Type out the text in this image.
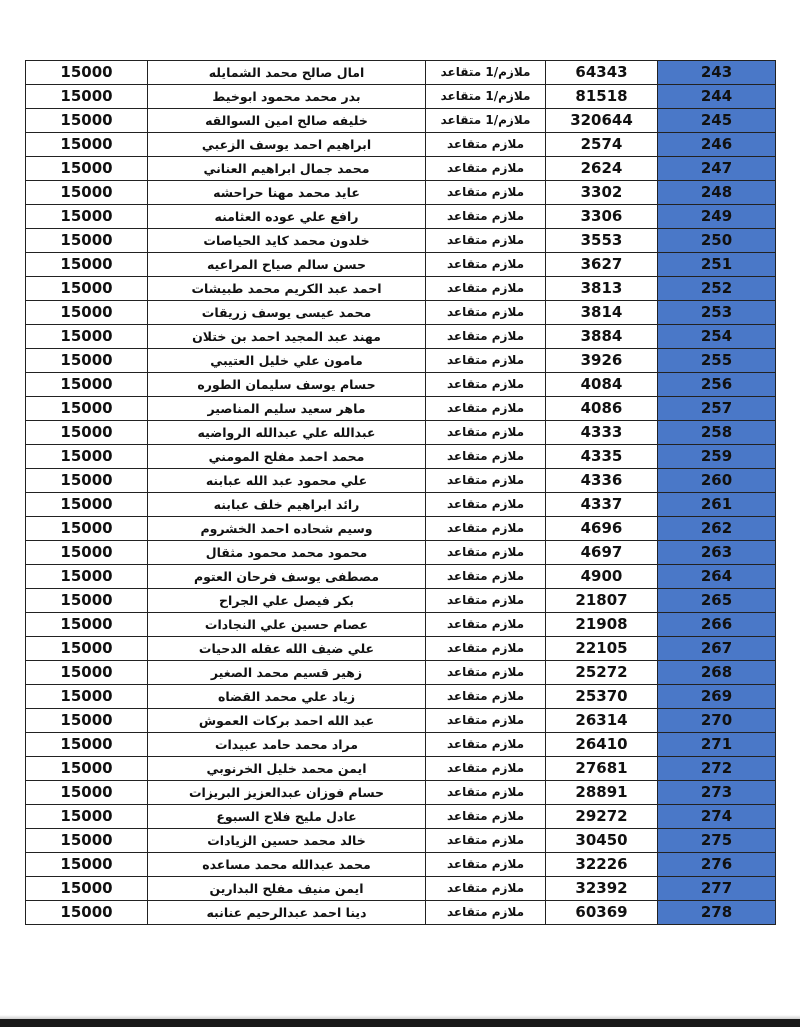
15000	امال صالح محمد الشمايله	ملازم/1 متقاعد	64343	243
15000	بدر محمد محمود ابوخيط	ملازم/1 متقاعد	81518	244
15000	خليفه صالح امين السوالقه	ملازم/1 متقاعد	320644	245
15000	ابراهيم احمد يوسف الزعبي	ملازم متقاعد	2574	246
15000	محمد جمال ابراهيم العناني	ملازم متقاعد	2624	247
15000	عايد محمد مهنا حراحشه	ملازم متقاعد	3302	248
15000	رافع علي عوده العثامنه	ملازم متقاعد	3306	249
15000	خلدون محمد كايد الحياصات	ملازم متقاعد	3553	250
15000	حسن سالم صياح المراعيه	ملازم متقاعد	3627	251
15000	احمد عبد الكريم محمد طبيشات	ملازم متقاعد	3813	252
15000	محمد عيسى يوسف زريقات	ملازم متقاعد	3814	253
15000	مهند عبد المجيد احمد بن ختلان	ملازم متقاعد	3884	254
15000	مامون علي خليل العتيبي	ملازم متقاعد	3926	255
15000	حسام يوسف سليمان الطوره	ملازم متقاعد	4084	256
15000	ماهر سعيد سليم المناصير	ملازم متقاعد	4086	257
15000	عبدالله علي عبدالله الرواضيه	ملازم متقاعد	4333	258
15000	محمد احمد مفلح المومني	ملازم متقاعد	4335	259
15000	علي محمود عبد الله عبابنه	ملازم متقاعد	4336	260
15000	رائد ابراهيم خلف عبابنه	ملازم متقاعد	4337	261
15000	وسيم شحاده احمد الخشروم	ملازم متقاعد	4696	262
15000	محمود محمد محمود مثقال	ملازم متقاعد	4697	263
15000	مصطفى يوسف فرحان العتوم	ملازم متقاعد	4900	264
15000	بكر فيصل علي الجراح	ملازم متقاعد	21807	265
15000	عصام حسين علي النجادات	ملازم متقاعد	21908	266
15000	علي ضيف الله عقله الدحيات	ملازم متقاعد	22105	267
15000	زهير قسيم محمد الصغير	ملازم متقاعد	25272	268
15000	زياد علي محمد القضاه	ملازم متقاعد	25370	269
15000	عبد الله احمد بركات العموش	ملازم متقاعد	26314	270
15000	مراد محمد حامد عبيدات	ملازم متقاعد	26410	271
15000	ايمن محمد خليل الخرنوبي	ملازم متقاعد	27681	272
15000	حسام فوزان عبدالعزيز البريزات	ملازم متقاعد	28891	273
15000	عادل مليح فلاح السبوع	ملازم متقاعد	29272	274
15000	خالد محمد حسين الزيادات	ملازم متقاعد	30450	275
15000	محمد عبدالله محمد مساعده	ملازم متقاعد	32226	276
15000	ايمن منيف مفلح البدارين	ملازم متقاعد	32392	277
15000	دينا احمد عبدالرحيم عنانبه	ملازم متقاعد	60369	278
